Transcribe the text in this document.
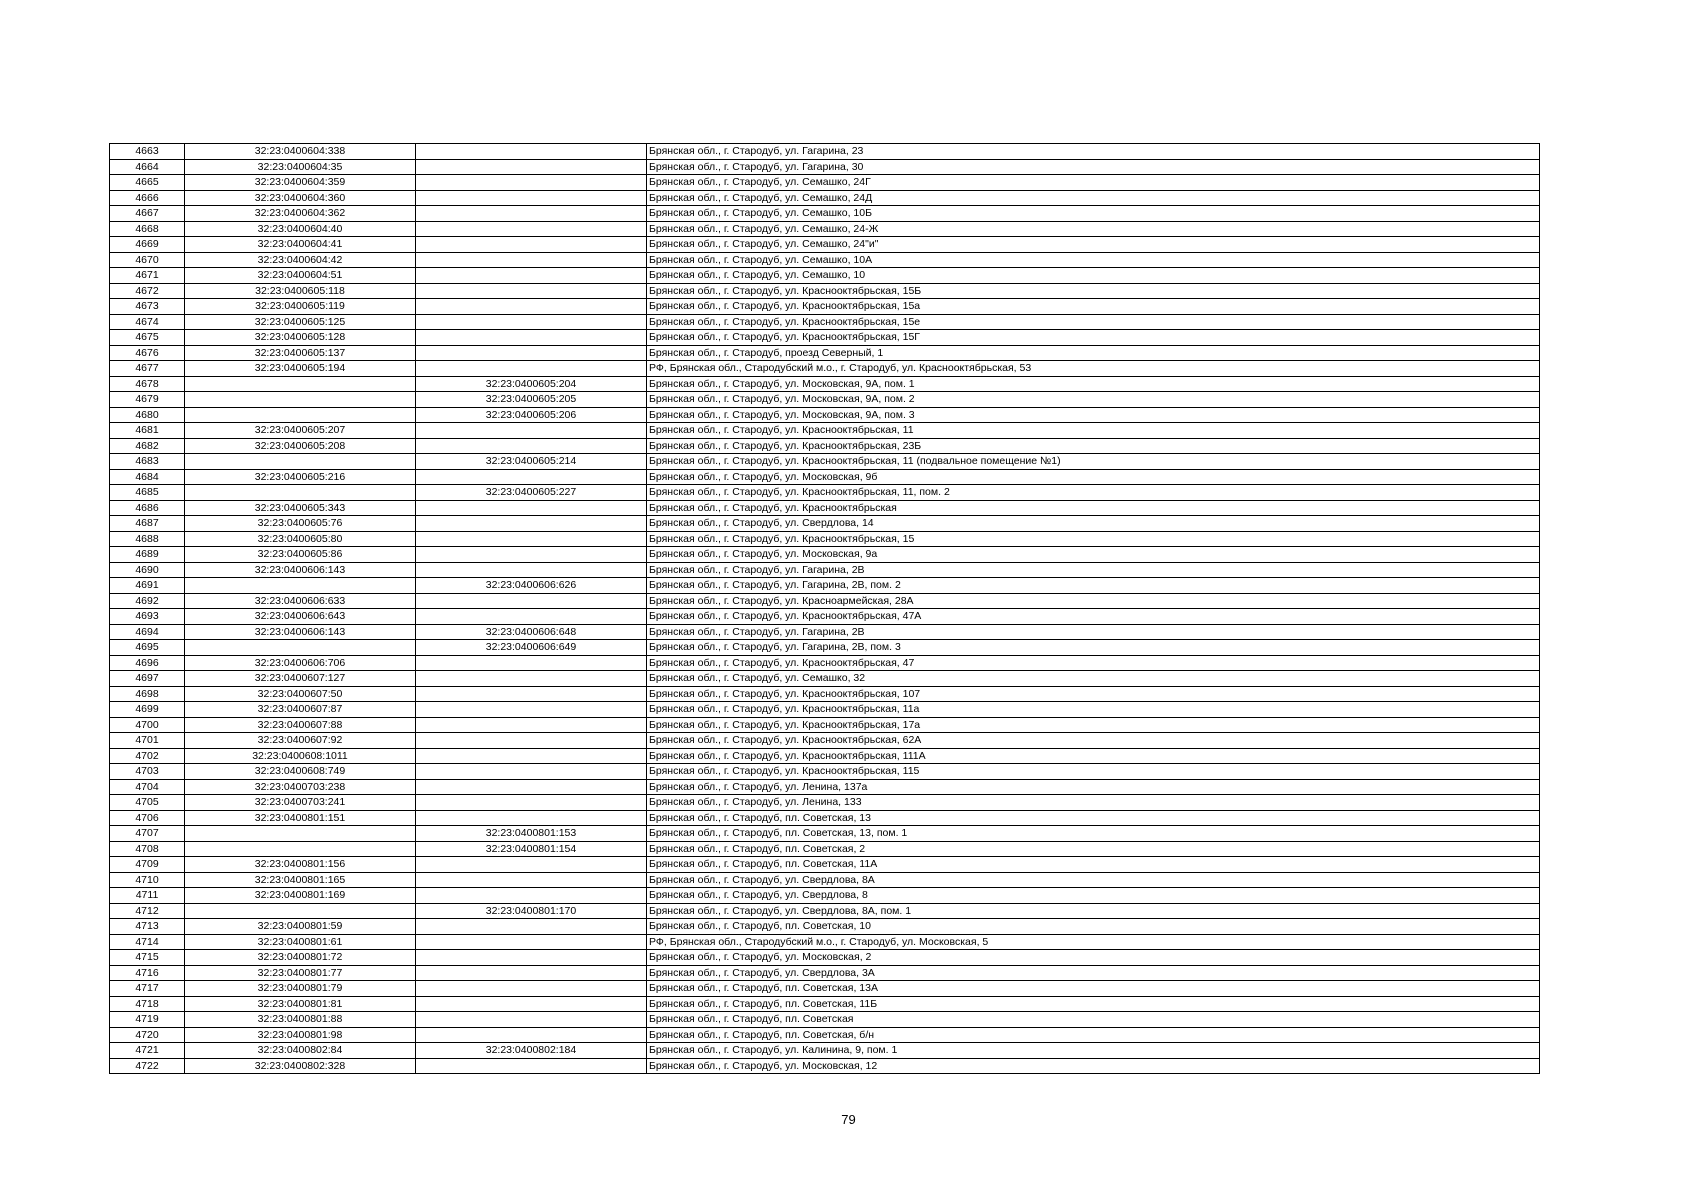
4663	32:23:0400604:338		Брянская обл., г. Стародуб, ул. Гагарина, 23
4664	32:23:0400604:35		Брянская обл., г. Стародуб, ул. Гагарина, 30
4665	32:23:0400604:359		Брянская обл., г. Стародуб, ул. Семашко, 24Г
4666	32:23:0400604:360		Брянская обл., г. Стародуб, ул. Семашко, 24Д
4667	32:23:0400604:362		Брянская обл., г. Стародуб, ул. Семашко, 10Б
4668	32:23:0400604:40		Брянская обл., г. Стародуб, ул. Семашко, 24-Ж
4669	32:23:0400604:41		Брянская обл., г. Стародуб, ул. Семашко, 24"и"
4670	32:23:0400604:42		Брянская обл., г. Стародуб, ул. Семашко, 10А
4671	32:23:0400604:51		Брянская обл., г. Стародуб, ул. Семашко, 10
4672	32:23:0400605:118		Брянская обл., г. Стародуб, ул. Краснооктябрьская, 15Б
4673	32:23:0400605:119		Брянская обл., г. Стародуб, ул. Краснооктябрьская, 15а
4674	32:23:0400605:125		Брянская обл., г. Стародуб, ул. Краснооктябрьская, 15е
4675	32:23:0400605:128		Брянская обл., г. Стародуб, ул. Краснооктябрьская, 15Г
4676	32:23:0400605:137		Брянская обл., г. Стародуб, проезд Северный, 1
4677	32:23:0400605:194		РФ, Брянская обл., Стародубский м.о., г. Стародуб, ул. Краснооктябрьская, 53
4678		32:23:0400605:204	Брянская обл., г. Стародуб, ул. Московская, 9А, пом. 1
4679		32:23:0400605:205	Брянская обл., г. Стародуб, ул. Московская, 9А, пом. 2
4680		32:23:0400605:206	Брянская обл., г. Стародуб, ул. Московская, 9А, пом. 3
4681	32:23:0400605:207		Брянская обл., г. Стародуб, ул. Краснооктябрьская, 11
4682	32:23:0400605:208		Брянская обл., г. Стародуб, ул. Краснооктябрьская, 23Б
4683		32:23:0400605:214	Брянская обл., г. Стародуб, ул. Краснооктябрьская, 11 (подвальное помещение №1)
4684	32:23:0400605:216		Брянская обл., г. Стародуб, ул. Московская, 9б
4685		32:23:0400605:227	Брянская обл., г. Стародуб, ул. Краснооктябрьская, 11, пом. 2
4686	32:23:0400605:343		Брянская обл., г. Стародуб, ул. Краснооктябрьская
4687	32:23:0400605:76		Брянская обл., г. Стародуб, ул. Свердлова, 14
4688	32:23:0400605:80		Брянская обл., г. Стародуб, ул. Краснооктябрьская, 15
4689	32:23:0400605:86		Брянская обл., г. Стародуб, ул. Московская, 9а
4690	32:23:0400606:143		Брянская обл., г. Стародуб, ул. Гагарина, 2В
4691		32:23:0400606:626	Брянская обл., г. Стародуб, ул. Гагарина, 2В, пом. 2
4692	32:23:0400606:633		Брянская обл., г. Стародуб, ул. Красноармейская, 28А
4693	32:23:0400606:643		Брянская обл., г. Стародуб, ул. Краснооктябрьская, 47А
4694	32:23:0400606:143	32:23:0400606:648	Брянская обл., г. Стародуб, ул. Гагарина, 2В
4695		32:23:0400606:649	Брянская обл., г. Стародуб, ул. Гагарина, 2В, пом. 3
4696	32:23:0400606:706		Брянская обл., г. Стародуб, ул. Краснооктябрьская, 47
4697	32:23:0400607:127		Брянская обл., г. Стародуб, ул. Семашко, 32
4698	32:23:0400607:50		Брянская обл., г. Стародуб, ул. Краснооктябрьская, 107
4699	32:23:0400607:87		Брянская обл., г. Стародуб, ул. Краснооктябрьская, 11а
4700	32:23:0400607:88		Брянская обл., г. Стародуб, ул. Краснооктябрьская, 17а
4701	32:23:0400607:92		Брянская обл., г. Стародуб, ул. Краснооктябрьская, 62А
4702	32:23:0400608:1011		Брянская обл., г. Стародуб, ул. Краснооктябрьская, 111А
4703	32:23:0400608:749		Брянская обл., г. Стародуб, ул. Краснооктябрьская, 115
4704	32:23:0400703:238		Брянская обл., г. Стародуб, ул. Ленина, 137а
4705	32:23:0400703:241		Брянская обл., г. Стародуб, ул. Ленина, 133
4706	32:23:0400801:151		Брянская обл., г. Стародуб, пл. Советская, 13
4707		32:23:0400801:153	Брянская обл., г. Стародуб, пл. Советская, 13, пом. 1
4708		32:23:0400801:154	Брянская обл., г. Стародуб, пл. Советская, 2
4709	32:23:0400801:156		Брянская обл., г. Стародуб, пл. Советская, 11А
4710	32:23:0400801:165		Брянская обл., г. Стародуб, ул. Свердлова, 8А
4711	32:23:0400801:169		Брянская обл., г. Стародуб, ул. Свердлова, 8
4712		32:23:0400801:170	Брянская обл., г. Стародуб, ул. Свердлова, 8А, пом. 1
4713	32:23:0400801:59		Брянская обл., г. Стародуб, пл. Советская, 10
4714	32:23:0400801:61		РФ, Брянская обл., Стародубский м.о., г. Стародуб, ул. Московская, 5
4715	32:23:0400801:72		Брянская обл., г. Стародуб, ул. Московская, 2
4716	32:23:0400801:77		Брянская обл., г. Стародуб, ул. Свердлова, 3А
4717	32:23:0400801:79		Брянская обл., г. Стародуб, пл. Советская, 13А
4718	32:23:0400801:81		Брянская обл., г. Стародуб, пл. Советская, 11Б
4719	32:23:0400801:88		Брянская обл., г. Стародуб, пл. Советская
4720	32:23:0400801:98		Брянская обл., г. Стародуб, пл. Советская, б/н
4721	32:23:0400802:84	32:23:0400802:184	Брянская обл., г. Стародуб, ул. Калинина, 9, пом. 1
4722	32:23:0400802:328		Брянская обл., г. Стародуб, ул. Московская, 12
79
